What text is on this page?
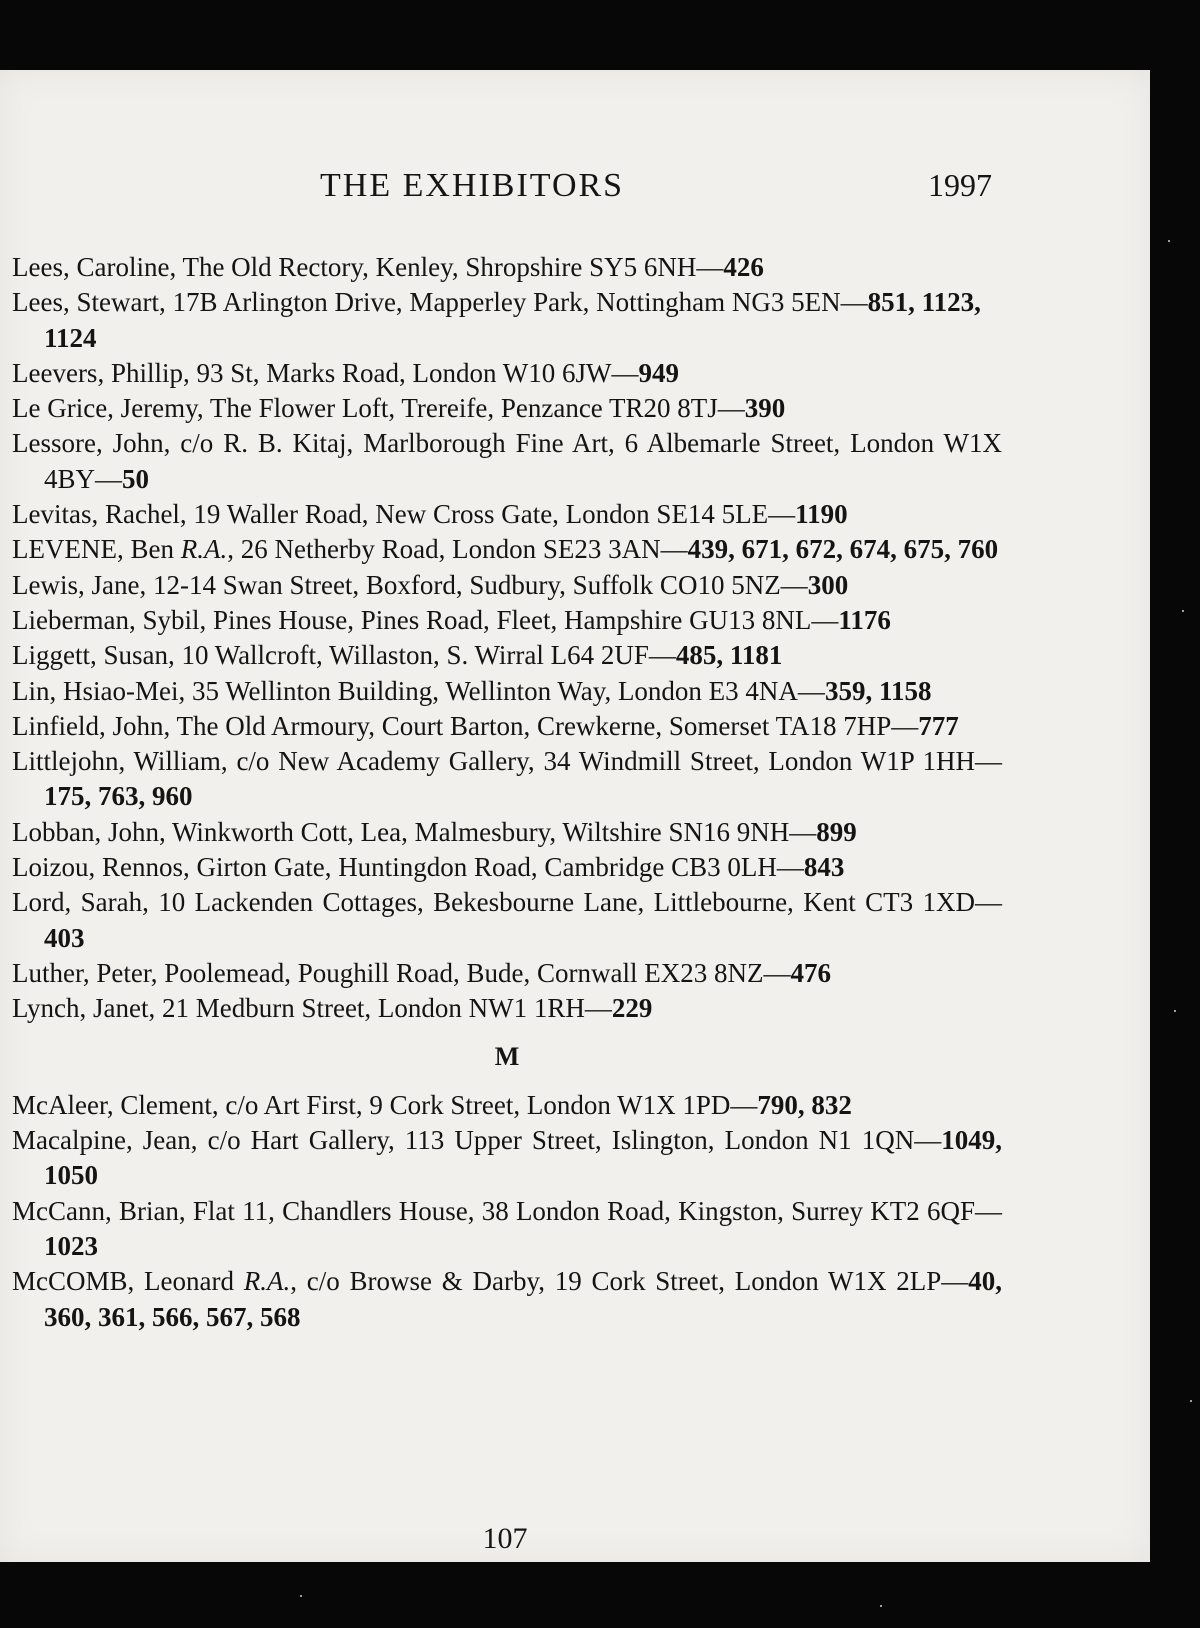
THE EXHIBITORS	1997

Lees, Caroline, The Old Rectory, Kenley, Shropshire SY5 6NH—426

Lees, Stewart, 17B Arlington Drive, Mapperley Park, Nottingham NG3 5EN—851, 1123, 1124

Leevers, Phillip, 93 St, Marks Road, London W10 6JW—949

Le Grice, Jeremy, The Flower Loft, Trereife, Penzance TR20 8TJ—390

Lessore, John, c/o R. B. Kitaj, Marlborough Fine Art, 6 Albemarle Street, London W1X 4BY—50

Levitas, Rachel, 19 Waller Road, New Cross Gate, London SE14 5LE—1190

LEVENE, Ben R.A., 26 Netherby Road, London SE23 3AN—439, 671, 672, 674, 675, 760

Lewis, Jane, 12-14 Swan Street, Boxford, Sudbury, Suffolk CO10 5NZ—300

Lieberman, Sybil, Pines House, Pines Road, Fleet, Hampshire GU13 8NL—1176

Liggett, Susan, 10 Wallcroft, Willaston, S. Wirral L64 2UF—485, 1181

Lin, Hsiao-Mei, 35 Wellinton Building, Wellinton Way, London E3 4NA—359, 1158

Linfield, John, The Old Armoury, Court Barton, Crewkerne, Somerset TA18 7HP—777

Littlejohn, William, c/o New Academy Gallery, 34 Windmill Street, London W1P 1HH—175, 763, 960

Lobban, John, Winkworth Cott, Lea, Malmesbury, Wiltshire SN16 9NH—899

Loizou, Rennos, Girton Gate, Huntingdon Road, Cambridge CB3 0LH—843

Lord, Sarah, 10 Lackenden Cottages, Bekesbourne Lane, Littlebourne, Kent CT3 1XD—403

Luther, Peter, Poolemead, Poughill Road, Bude, Cornwall EX23 8NZ—476

Lynch, Janet, 21 Medburn Street, London NW1 1RH—229

M

McAleer, Clement, c/o Art First, 9 Cork Street, London W1X 1PD—790, 832

Macalpine, Jean, c/o Hart Gallery, 113 Upper Street, Islington, London N1 1QN—1049, 1050

McCann, Brian, Flat 11, Chandlers House, 38 London Road, Kingston, Surrey KT2 6QF—1023

McCOMB, Leonard R.A., c/o Browse & Darby, 19 Cork Street, London W1X 2LP—40, 360, 361, 566, 567, 568

107
